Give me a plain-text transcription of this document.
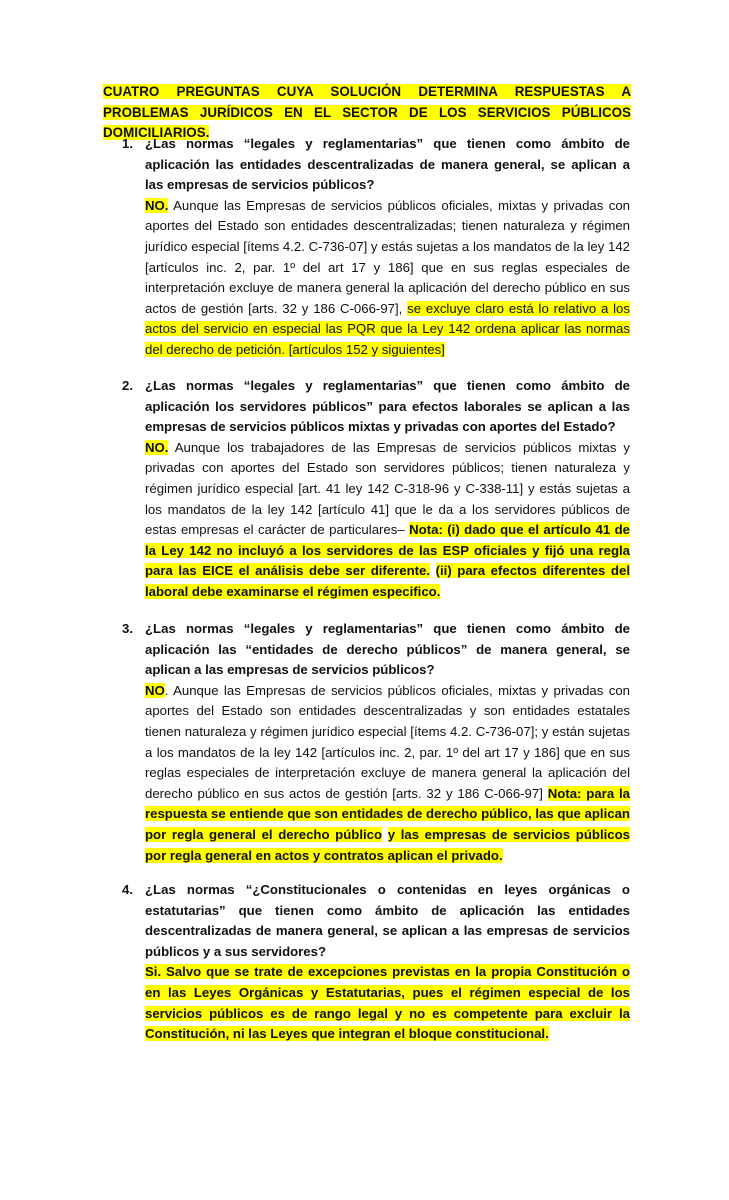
CUATRO PREGUNTAS CUYA SOLUCIÓN DETERMINA RESPUESTAS A PROBLEMAS JURÍDICOS EN EL SECTOR DE LOS SERVICIOS PÚBLICOS DOMICILIARIOS.
1. ¿Las normas “legales y reglamentarias” que tienen como ámbito de aplicación las entidades descentralizadas de manera general, se aplican a las empresas de servicios públicos?

NO. Aunque las Empresas de servicios públicos oficiales, mixtas y privadas con aportes del Estado son entidades descentralizadas; tienen naturaleza y régimen jurídico especial [ítems 4.2. C-736-07] y estás sujetas a los mandatos de la ley 142 [artículos inc. 2, par. 1º del art 17 y 186] que en sus reglas especiales de interpretación excluye de manera general la aplicación del derecho público en sus actos de gestión [arts. 32 y 186 C-066-97], se excluye claro está lo relativo a los actos del servicio en especial las PQR que la Ley 142 ordena aplicar las normas del derecho de petición. [artículos 152 y siguientes]

2. ¿Las normas “legales y reglamentarias” que tienen como ámbito de aplicación los servidores públicos” para efectos laborales se aplican a las empresas de servicios públicos mixtas y privadas con aportes del Estado?

NO. Aunque los trabajadores de las Empresas de servicios públicos mixtas y privadas con aportes del Estado son servidores públicos; tienen naturaleza y régimen jurídico especial [art. 41 ley 142 C-318-96 y C-338-11] y estás sujetas a los mandatos de la ley 142 [artículo 41] que le da a los servidores públicos de estas empresas el carácter de particulares– Nota: (i) dado que el artículo 41 de la Ley 142 no incluyó a los servidores de las ESP oficiales y fijó una regla para las EICE el análisis debe ser diferente. (ii) para efectos diferentes del laboral debe examinarse el régimen especifico.

3. ¿Las normas “legales y reglamentarias” que tienen como ámbito de aplicación las “entidades de derecho públicos” de manera general, se aplican a las empresas de servicios públicos?

NO. Aunque las Empresas de servicios públicos oficiales, mixtas y privadas con aportes del Estado son entidades descentralizadas y son entidades estatales tienen naturaleza y régimen jurídico especial [ítems 4.2. C-736-07]; y están sujetas a los mandatos de la ley 142 [artículos inc. 2, par. 1º del art 17 y 186] que en sus reglas especiales de interpretación excluye de manera general la aplicación del derecho público en sus actos de gestión [arts. 32 y 186 C-066-97] Nota: para la respuesta se entiende que son entidades de derecho público, las que aplican por regla general el derecho público y las empresas de servicios públicos por regla general en actos y contratos aplican el privado.

4. ¿Las normas “¿Constitucionales o contenidas en leyes orgánicas o estatutarias” que tienen como ámbito de aplicación las entidades descentralizadas de manera general, se aplican a las empresas de servicios públicos y a sus servidores?

Si. Salvo que se trate de excepciones previstas en la propia Constitución o en las Leyes Orgánicas y Estatutarias, pues el régimen especial de los servicios públicos es de rango legal y no es competente para excluir la Constitución, ni las Leyes que integran el bloque constitucional.
